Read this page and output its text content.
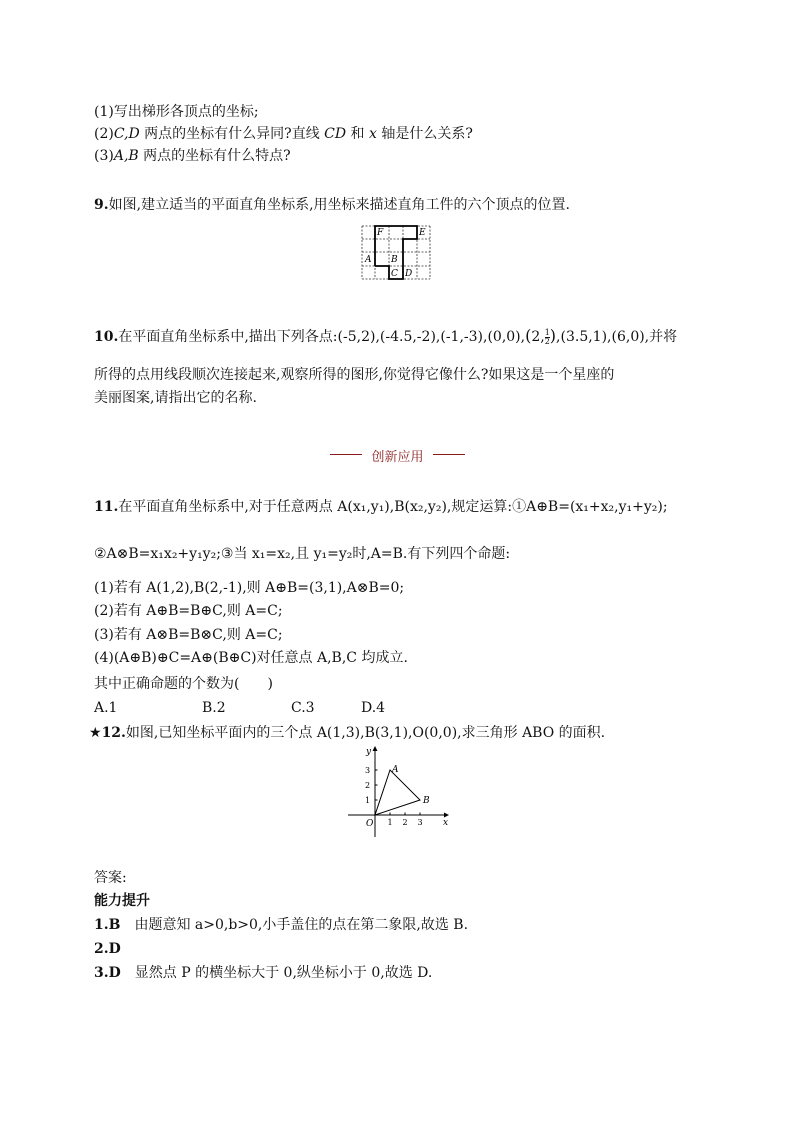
(1)写出梯形各顶点的坐标;
(2)C,D 两点的坐标有什么异同?直线 CD 和 x 轴是什么关系?
(3)A,B 两点的坐标有什么特点?
9.如图,建立适当的平面直角坐标系,用坐标来描述直角工件的六个顶点的位置.
F	E
A B
C D
10.在平面直角坐标系中,描出下列各点:(-5,2),(-4.5,-2),(-1,-3),(0,0),(2, $\frac{1}{2} ),(3.5,1),(6,0)$,并将
所得的点用线段顺次连接起来,观察所得的图形,你觉得它像什么?如果这是一个星座的
美丽图案,请指出它的名称.
创新应用
11.在平面直角坐标系中,对于任意两点 A(x₁,y₁),B(x₂,y₂),规定运算:①A⊕B=(x₁+x₂,y₁+y₂);
②A⊗B=x₁x₂+y₁y₂;③当 x₁=x₂,且 y₁=y₂时,A=B.有下列四个命题:
(1)若有 A(1,2),B(2,-1),则 A⊕B=(3,1),A⊗B=0;
(2)若有 A⊕B=B⊕C,则 A=C;
(3)若有 A⊗B=B⊗C,则 A=C;
(4)(A⊕B)⊕C=A⊕(B⊕C)对任意点 A,B,C 均成立.
其中正确命题的个数为(　　)
A.1	B.2	C.3	D.4
★12.如图,已知坐标平面内的三个点 A(1,3),B(3,1),O(0,0),求三角形 ABO 的面积.
y
x
O 1 2 3
1
2
3 A
B
答案:
能力提升
1.B 由题意知 a>0,b>0,小手盖住的点在第二象限,故选 B.
2.D
3.D 显然点 P 的横坐标大于 0,纵坐标小于 0,故选 D.
